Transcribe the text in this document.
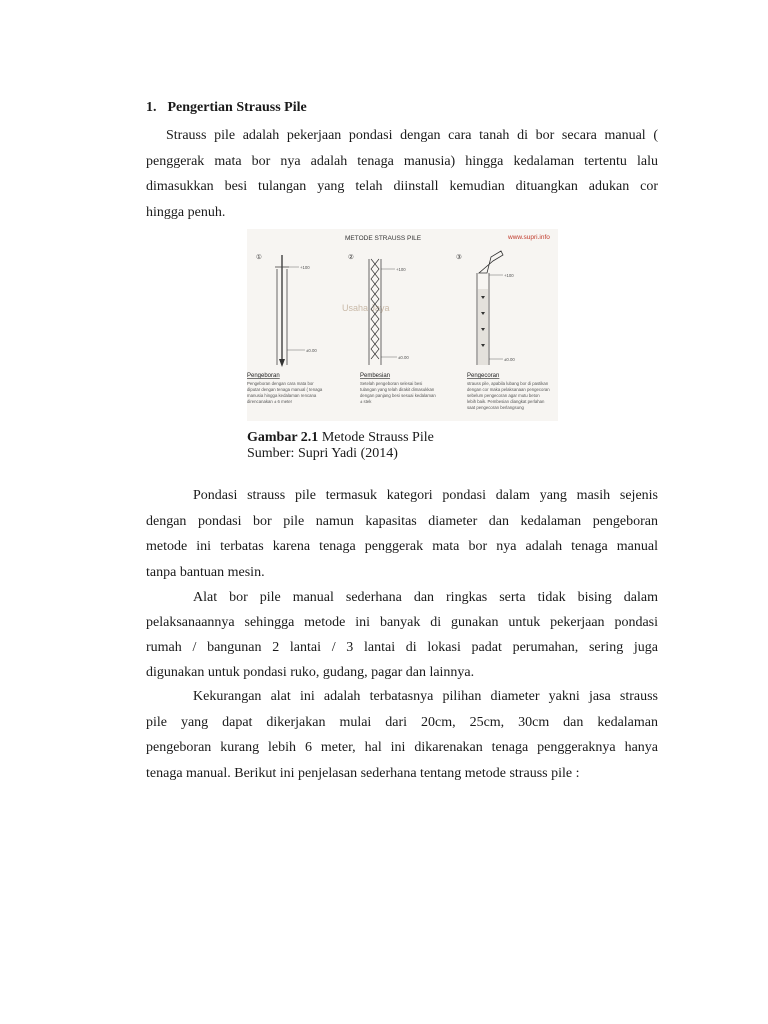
1. Pengertian Strauss Pile
Strauss pile adalah pekerjaan pondasi dengan cara tanah di bor secara manual (
penggerak mata bor nya adalah tenaga manusia) hingga kedalaman tertentu lalu
dimasukkan besi tulangan yang telah diinstall kemudian dituangkan adukan cor
hingga penuh.
METODE STRAUSS PILE	www.supri.info
Usaha Jaya
①	②	③
+100
±0.00
+100
±0.00
+100
±0.00
Pengeboran
Pengeboran dengan cara mata bor
diputar dengan tenaga manual ( tenaga
manusia hingga kedalaman rencana
direncanakan ± 6 meter
Pembesian
Setelah pengeboran selesai besi
tulangan yang telah dirakit dimasukkan
dengan panjang besi sesuai kedalaman
± stek
Pengecoran
strauss pile, apabila lubang bor di pastikan
dengan cor maka pelaksanaan pengecoran
sebelum pengecoran agar mutu beton
lebih baik. Pembesian diangkat perlahan
saat pengecoran berlangsung
Gambar 2.1 Metode Strauss Pile
Sumber: Supri Yadi (2014)
Pondasi strauss pile termasuk kategori pondasi dalam yang masih sejenis
dengan pondasi bor pile namun kapasitas diameter dan kedalaman pengeboran
metode ini terbatas karena tenaga penggerak mata bor nya adalah tenaga manual
tanpa bantuan mesin.
Alat bor pile manual sederhana dan ringkas serta tidak bising dalam
pelaksanaannya sehingga metode ini banyak di gunakan untuk pekerjaan pondasi
rumah / bangunan 2 lantai / 3 lantai di lokasi padat perumahan, sering juga
digunakan untuk pondasi ruko, gudang, pagar dan lainnya.
Kekurangan alat ini adalah terbatasnya pilihan diameter yakni jasa strauss
pile yang dapat dikerjakan mulai dari 20cm, 25cm, 30cm dan kedalaman
pengeboran kurang lebih 6 meter, hal ini dikarenakan tenaga penggeraknya hanya
tenaga manual. Berikut ini penjelasan sederhana tentang metode strauss pile :
